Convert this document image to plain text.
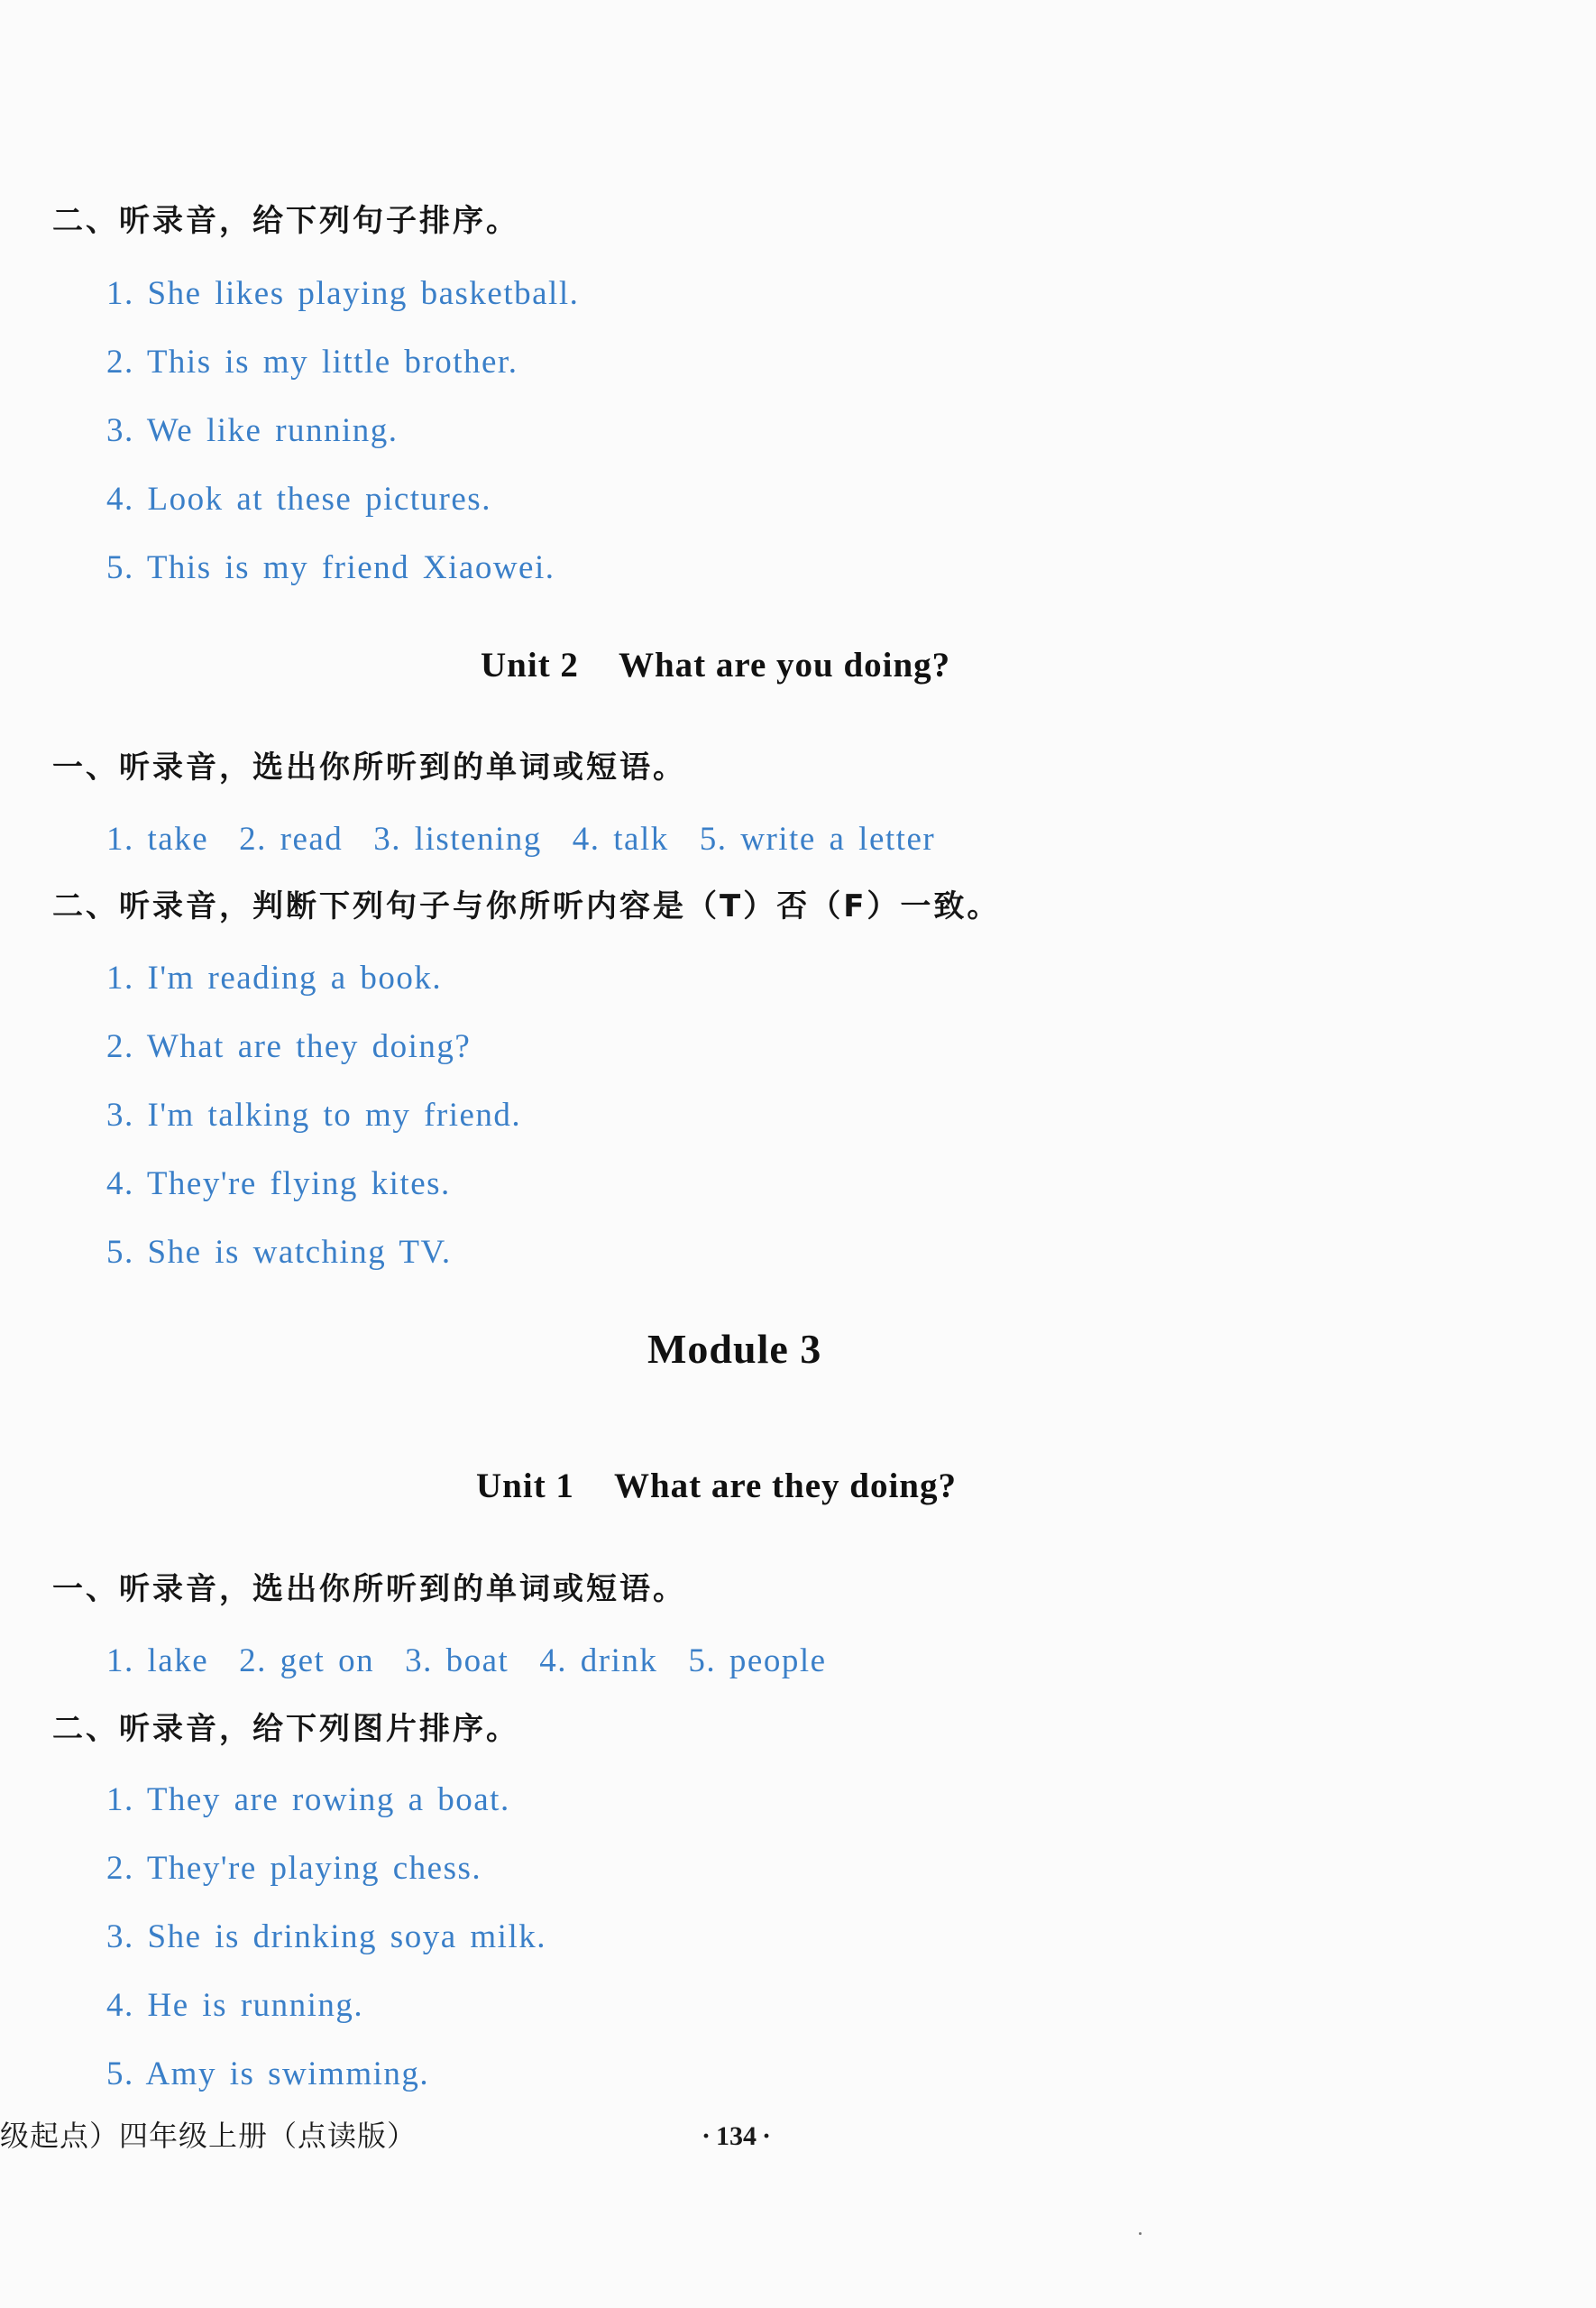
二、听录音，给下列句子排序。
1. She likes playing basketball.
2. This is my little brother.
3. We like running.
4. Look at these pictures.
5. This is my friend Xiaowei.
Unit 2 What are you doing?
一、听录音，选出你所听到的单词或短语。
1. take 2. read 3. listening 4. talk 5. write a letter
二、听录音，判断下列句子与你所听内容是（T）否（F）一致。
1. I'm reading a book.
2. What are they doing?
3. I'm talking to my friend.
4. They're flying kites.
5. She is watching TV.
Module 3
Unit 1 What are they doing?
一、听录音，选出你所听到的单词或短语。
1. lake 2. get on 3. boat 4. drink 5. people
二、听录音，给下列图片排序。
1. They are rowing a boat.
2. They're playing chess.
3. She is drinking soya milk.
4. He is running.
5. Amy is swimming.
级起点）四年级上册（点读版）	· 134 ·
